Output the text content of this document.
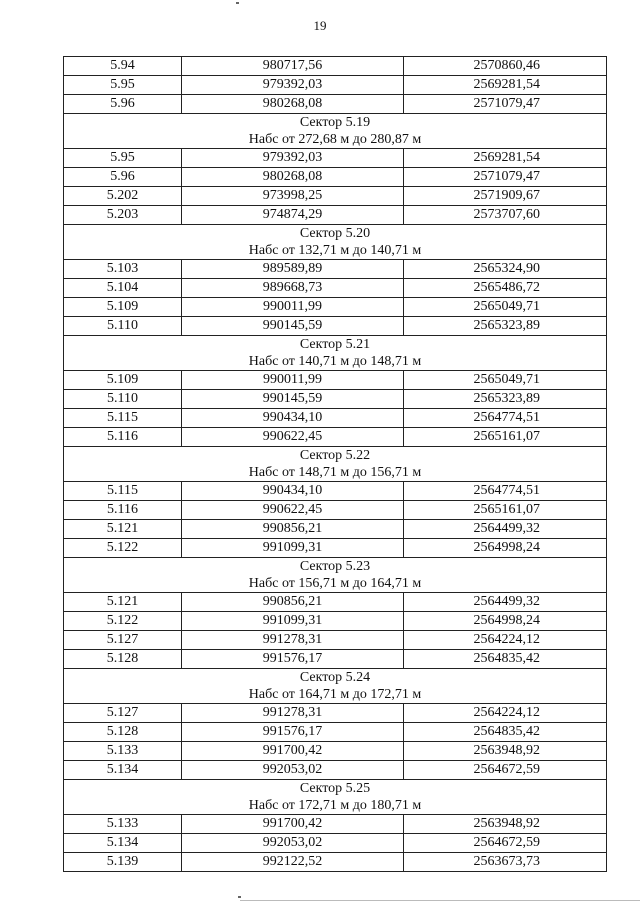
19
5.94	980717,56	2570860,46
5.95	979392,03	2569281,54
5.96	980268,08	2571079,47

Сектор 5.19
Набс от 272,68 м до 280,87 м		

5.95	979392,03	2569281,54
5.96	980268,08	2571079,47
5.202	973998,25	2571909,67
5.203	974874,29	2573707,60

Сектор 5.20
Набс от 132,71 м до 140,71 м		

5.103	989589,89	2565324,90
5.104	989668,73	2565486,72
5.109	990011,99	2565049,71
5.110	990145,59	2565323,89

Сектор 5.21
Набс от 140,71 м до 148,71 м		

5.109	990011,99	2565049,71
5.110	990145,59	2565323,89
5.115	990434,10	2564774,51
5.116	990622,45	2565161,07

Сектор 5.22
Набс от 148,71 м до 156,71 м		

5.115	990434,10	2564774,51
5.116	990622,45	2565161,07
5.121	990856,21	2564499,32
5.122	991099,31	2564998,24

Сектор 5.23
Набс от 156,71 м до 164,71 м		

5.121	990856,21	2564499,32
5.122	991099,31	2564998,24
5.127	991278,31	2564224,12
5.128	991576,17	2564835,42

Сектор 5.24
Набс от 164,71 м до 172,71 м		

5.127	991278,31	2564224,12
5.128	991576,17	2564835,42
5.133	991700,42	2563948,92
5.134	992053,02	2564672,59

Сектор 5.25
Набс от 172,71 м до 180,71 м		

5.133	991700,42	2563948,92
5.134	992053,02	2564672,59
5.139	992122,52	2563673,73
